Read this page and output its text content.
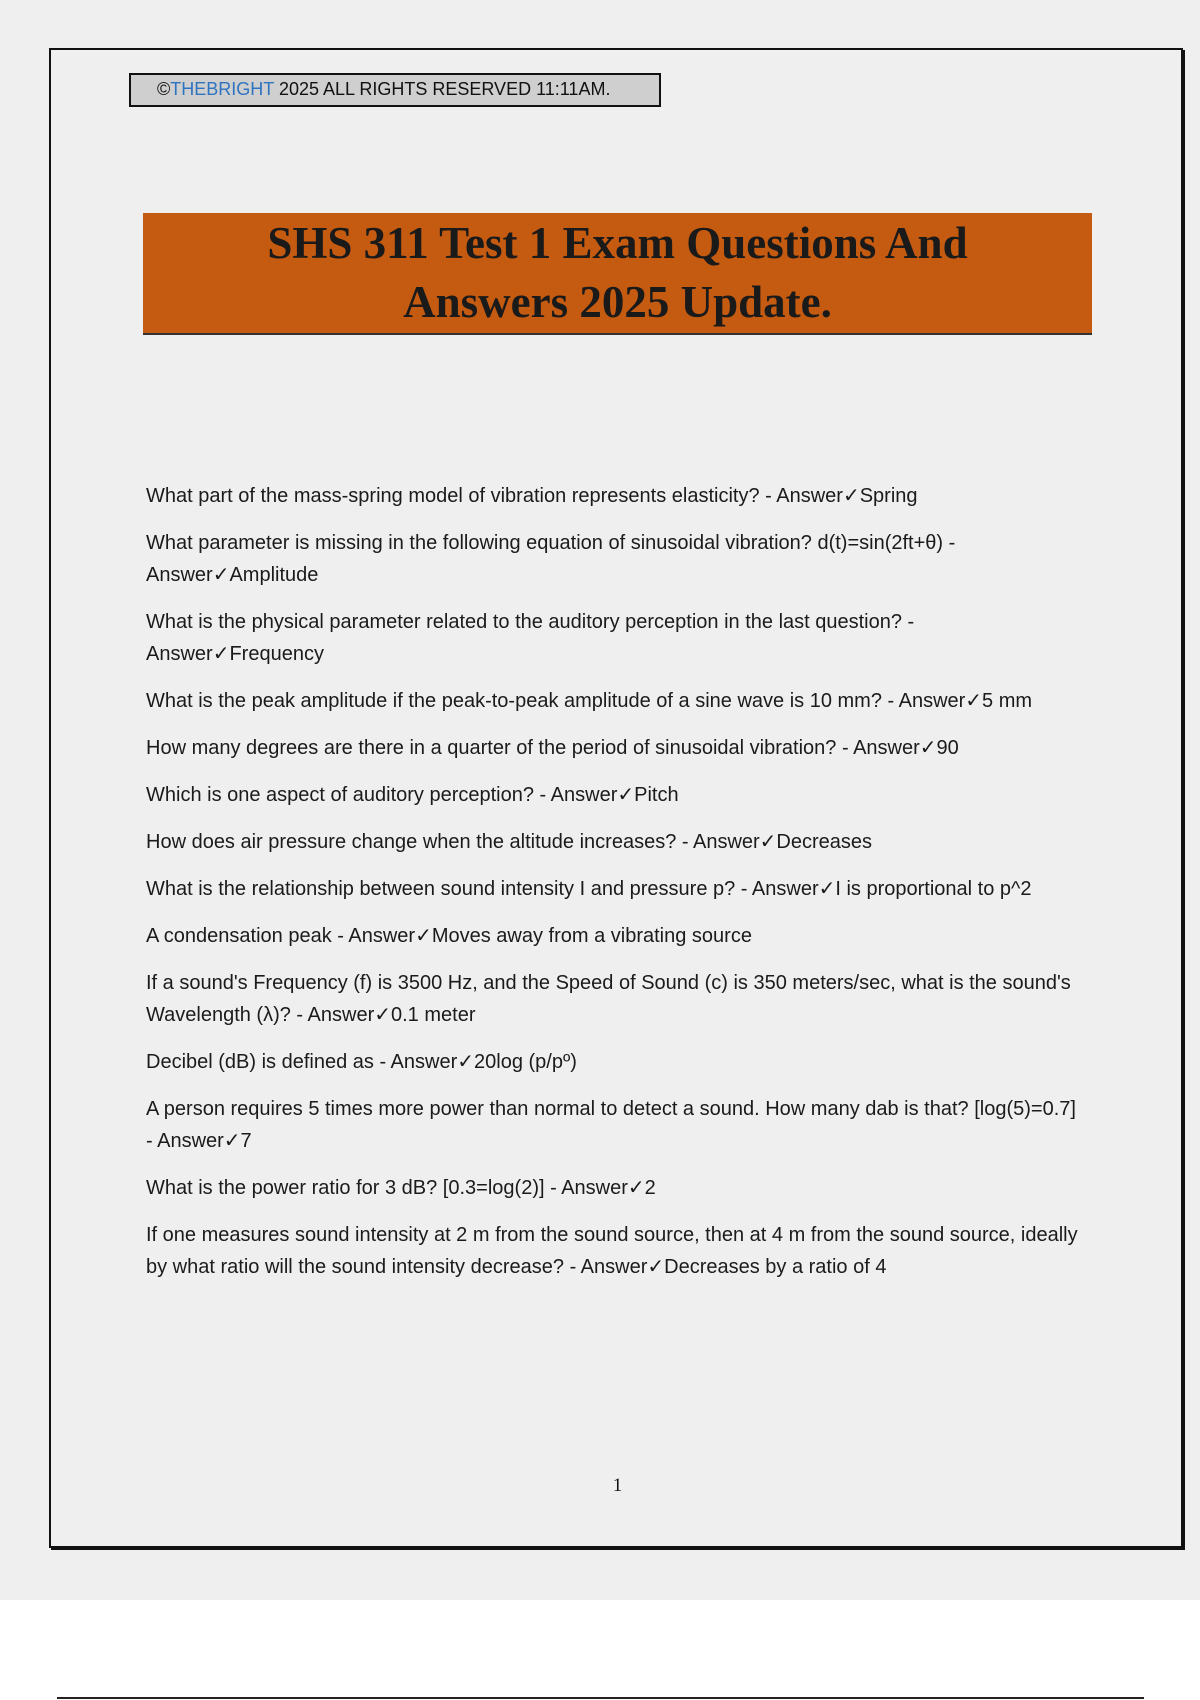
©THEBRIGHT 2025 ALL RIGHTS RESERVED 11:11AM.
SHS 311 Test 1 Exam Questions And Answers 2025 Update.
What part of the mass-spring model of vibration represents elasticity? - Answer✓Spring
What parameter is missing in the following equation of sinusoidal vibration? d(t)=sin(2ft+θ) - Answer✓Amplitude
What is the physical parameter related to the auditory perception in the last question? - Answer✓Frequency
What is the peak amplitude if the peak-to-peak amplitude of a sine wave is 10 mm? - Answer✓5 mm
How many degrees are there in a quarter of the period of sinusoidal vibration? - Answer✓90
Which is one aspect of auditory perception? - Answer✓Pitch
How does air pressure change when the altitude increases? - Answer✓Decreases
What is the relationship between sound intensity I and pressure p? - Answer✓I is proportional to p^2
A condensation peak - Answer✓Moves away from a vibrating source
If a sound's Frequency (f) is 3500 Hz, and the Speed of Sound (c) is 350 meters/sec, what is the sound's Wavelength (λ)? - Answer✓0.1 meter
Decibel (dB) is defined as - Answer✓20log (p/pº)
A person requires 5 times more power than normal to detect a sound. How many dab is that? [log(5)=0.7] - Answer✓7
What is the power ratio for 3 dB? [0.3=log(2)] - Answer✓2
If one measures sound intensity at 2 m from the sound source, then at 4 m from the sound source, ideally by what ratio will the sound intensity decrease? - Answer✓Decreases by a ratio of 4
1
